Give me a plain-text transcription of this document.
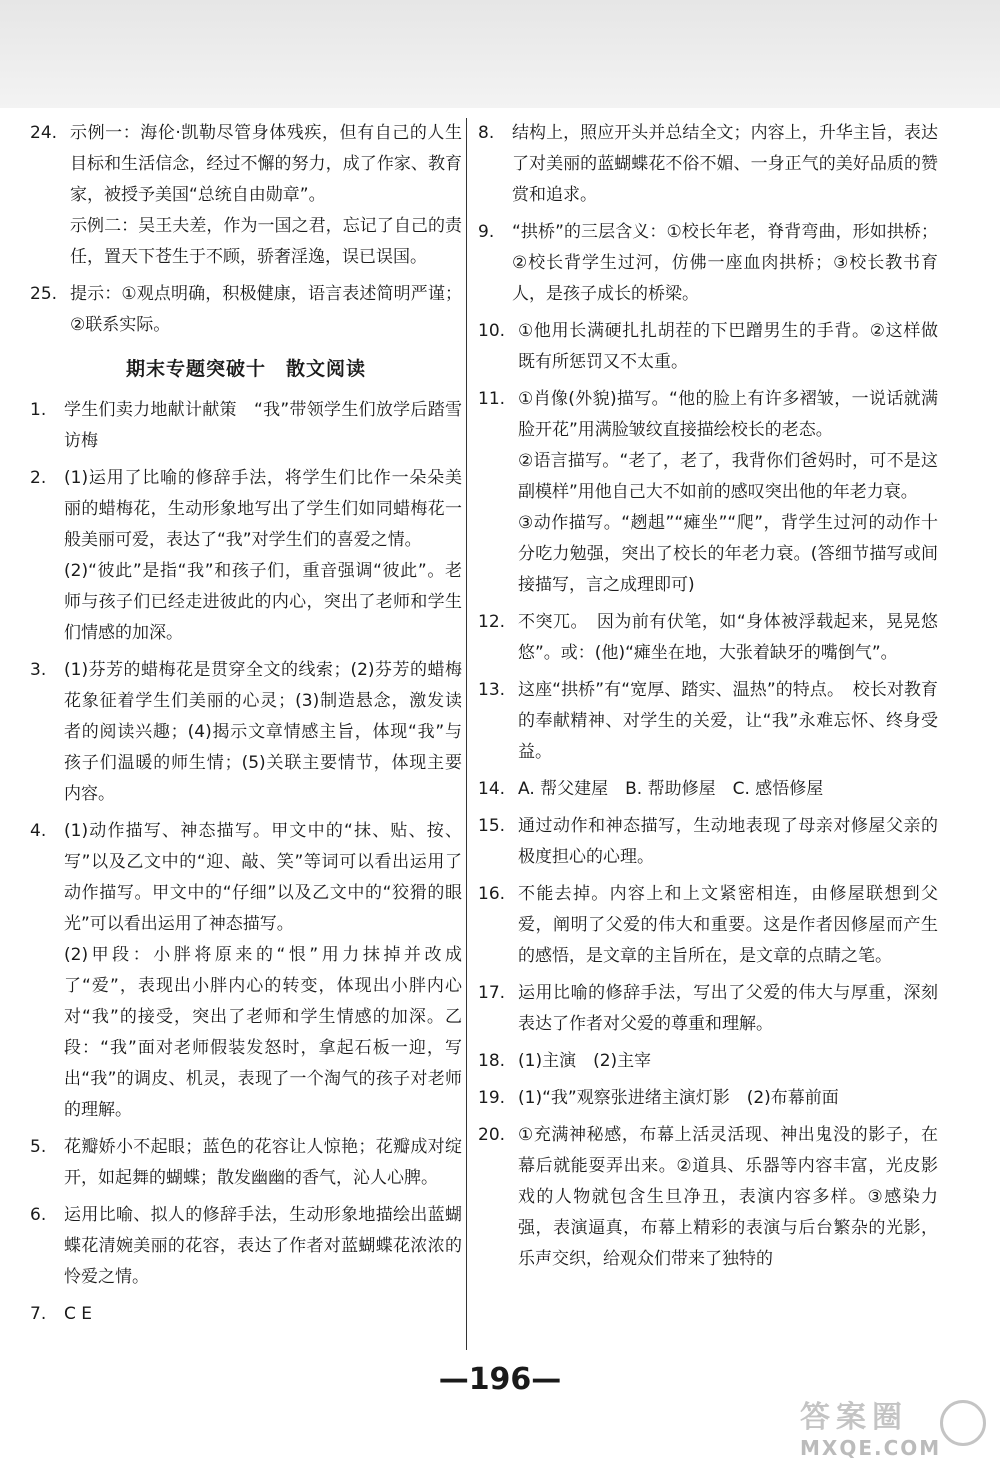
24. 示例一：海伦·凯勒尽管身体残疾，但有自己的人生目标和生活信念，经过不懈的努力，成了作家、教育家，被授予美国“总统自由勋章”。

示例二：吴王夫差，作为一国之君，忘记了自己的责任，置天下苍生于不顾，骄奢淫逸，误已误国。

25. 提示：①观点明确，积极健康，语言表述简明严谨；②联系实际。

期末专题突破十　散文阅读
1. 学生们卖力地献计献策　“我”带领学生们放学后踏雪访梅

2. (1)运用了比喻的修辞手法，将学生们比作一朵朵美丽的蜡梅花，生动形象地写出了学生们如同蜡梅花一般美丽可爱，表达了“我”对学生们的喜爱之情。

(2)“彼此”是指“我”和孩子们，重音强调“彼此”。老师与孩子们已经走进彼此的内心，突出了老师和学生们情感的加深。

3. (1)芬芳的蜡梅花是贯穿全文的线索；(2)芬芳的蜡梅花象征着学生们美丽的心灵；(3)制造悬念，激发读者的阅读兴趣；(4)揭示文章情感主旨，体现“我”与孩子们温暖的师生情；(5)关联主要情节，体现主要内容。

4. (1)动作描写、神态描写。甲文中的“抹、贴、按、写”以及乙文中的“迎、敲、笑”等词可以看出运用了动作描写。甲文中的“仔细”以及乙文中的“狡猾的眼光”可以看出运用了神态描写。

(2)甲段：小胖将原来的“恨”用力抹掉并改成了“爱”，表现出小胖内心的转变，体现出小胖内心对“我”的接受，突出了老师和学生情感的加深。乙段：“我”面对老师假装发怒时，拿起石板一迎，写出“我”的调皮、机灵，表现了一个淘气的孩子对老师的理解。

5. 花瓣娇小不起眼；蓝色的花容让人惊艳；花瓣成对绽开，如起舞的蝴蝶；散发幽幽的香气，沁人心脾。

6. 运用比喻、拟人的修辞手法，生动形象地描绘出蓝蝴蝶花清婉美丽的花容，表达了作者对蓝蝴蝶花浓浓的怜爱之情。

7. C E

8. 结构上，照应开头并总结全文；内容上，升华主旨，表达了对美丽的蓝蝴蝶花不俗不媚、一身正气的美好品质的赞赏和追求。

9. “拱桥”的三层含义：①校长年老，脊背弯曲，形如拱桥；②校长背学生过河，仿佛一座血肉拱桥；③校长教书育人，是孩子成长的桥梁。

10. ①他用长满硬扎扎胡茬的下巴蹭男生的手背。②这样做既有所惩罚又不太重。

11. ①肖像(外貌)描写。“他的脸上有许多褶皱，一说话就满脸开花”用满脸皱纹直接描绘校长的老态。

②语言描写。“老了，老了，我背你们爸妈时，可不是这副模样”用他自己大不如前的感叹突出他的年老力衰。

③动作描写。“趔趄”“瘫坐”“爬”，背学生过河的动作十分吃力勉强，突出了校长的年老力衰。(答细节描写或间接描写，言之成理即可)

12. 不突兀。　因为前有伏笔，如“身体被浮载起来，晃晃悠悠”。或：(他)“瘫坐在地，大张着缺牙的嘴倒气”。

13. 这座“拱桥”有“宽厚、踏实、温热”的特点。　校长对教育的奉献精神、对学生的关爱，让“我”永难忘怀、终身受益。

14. A. 帮父建屋　B. 帮助修屋　C. 感悟修屋

15. 通过动作和神态描写，生动地表现了母亲对修屋父亲的极度担心的心理。

16. 不能去掉。内容上和上文紧密相连，由修屋联想到父爱，阐明了父爱的伟大和重要。这是作者因修屋而产生的感悟，是文章的主旨所在，是文章的点睛之笔。

17. 运用比喻的修辞手法，写出了父爱的伟大与厚重，深刻表达了作者对父爱的尊重和理解。

18. (1)主演　(2)主宰

19. (1)“我”观察张进绪主演灯影　(2)布幕前面

20. ①充满神秘感，布幕上活灵活现、神出鬼没的影子，在幕后就能耍弄出来。②道具、乐器等内容丰富，光皮影戏的人物就包含生旦净丑，表演内容多样。③感染力强，表演逼真，布幕上精彩的表演与后台繁杂的光影，乐声交织，给观众们带来了独特的

—196—
答案圈
MXQE.COM
